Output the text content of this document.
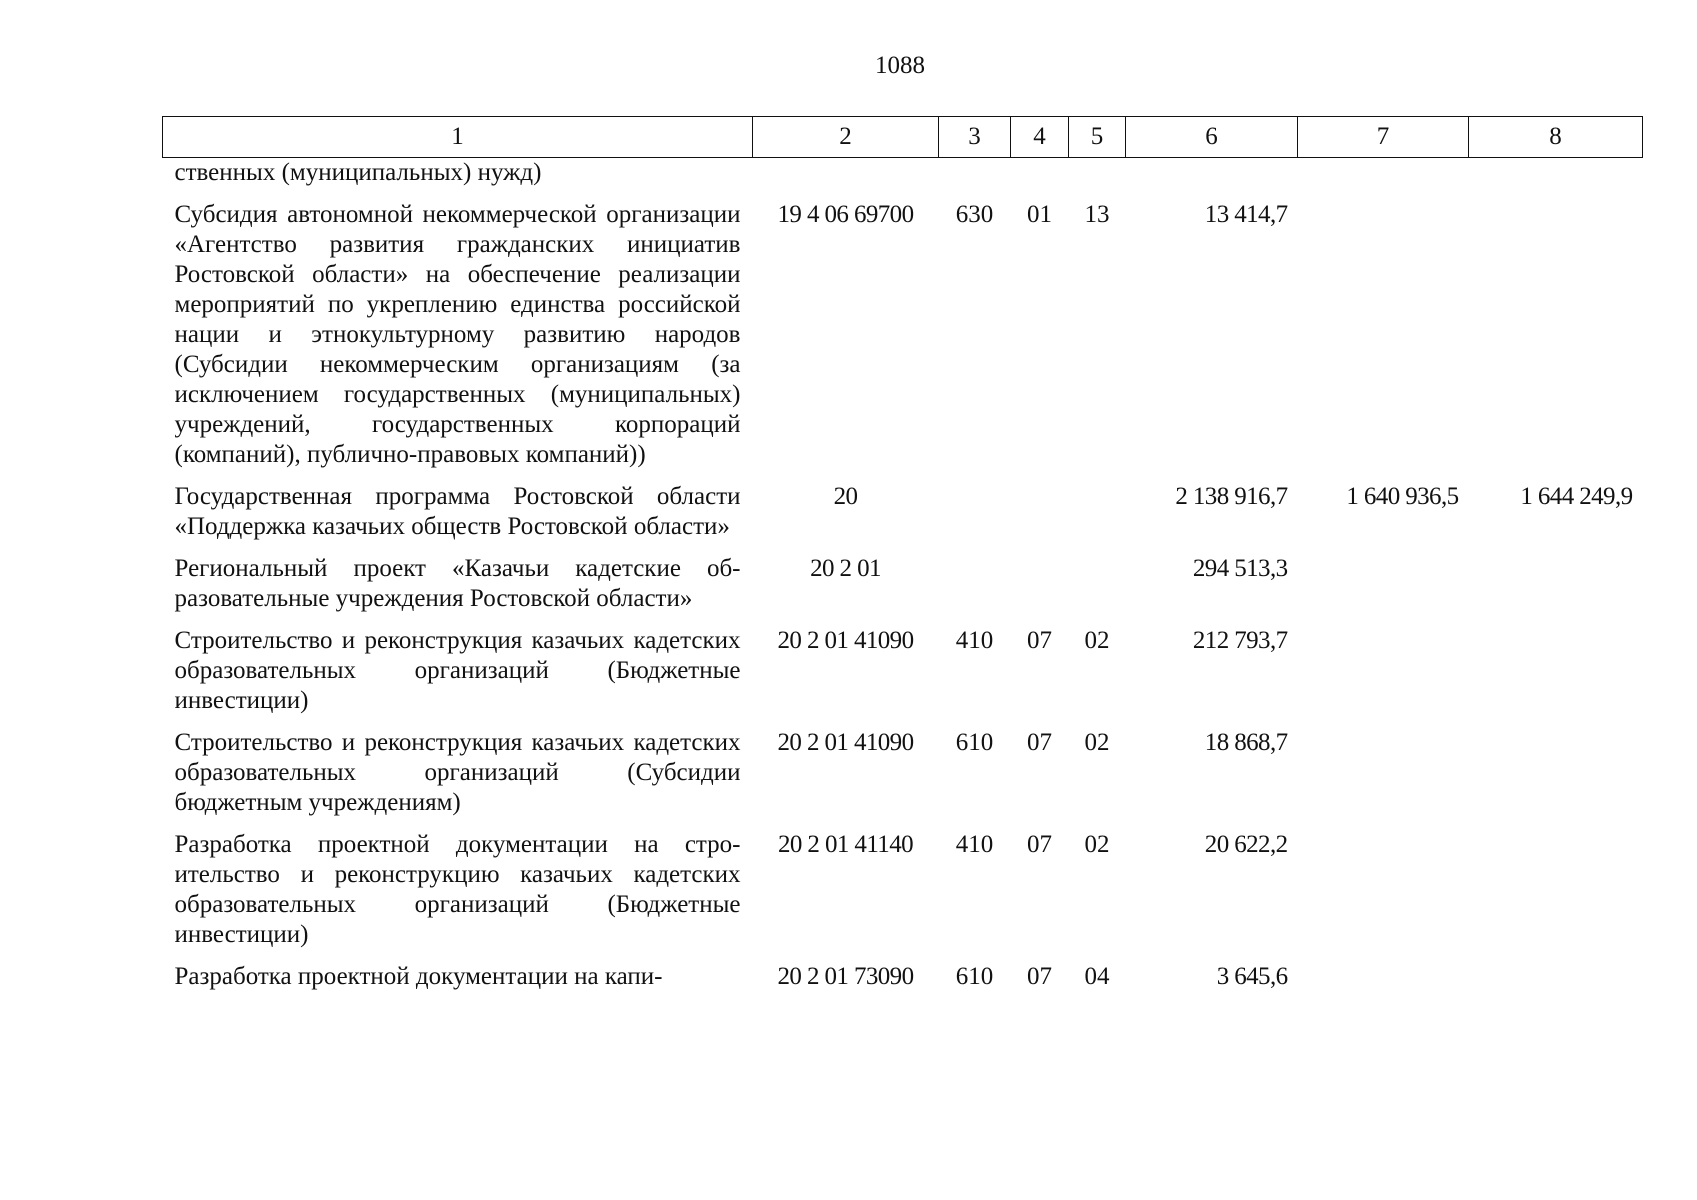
1088
1	2	3	4	5	6	7	8
ственных (муниципальных) нужд)							
Субсидия автономной некоммерческой организации «Агентство развития гражданских инициатив Ростовской области» на обеспечение реализации мероприятий по укреплению единства российской нации и этнокультурному развитию народов (Субсидии некоммерческим организациям (за исключением государственных (муниципальных) учреждений, государственных корпораций (компаний), публично-правовых компаний))	19 4 06 69700	630	01	13	13 414,7		
Государственная программа Ростовской области «Поддержка казачьих обществ Ростовской области»	20				2 138 916,7	1 640 936,5	1 644 249,9
Региональный проект «Казачьи кадетские образовательные учреждения Ростовской области»	20 2 01				294 513,3		
Строительство и реконструкция казачьих кадетских образовательных организаций (Бюджетные инвестиции)	20 2 01 41090	410	07	02	212 793,7		
Строительство и реконструкция казачьих кадетских образовательных организаций (Субсидии бюджетным учреждениям)	20 2 01 41090	610	07	02	18 868,7		
Разработка проектной документации на строительство и реконструкцию казачьих кадетских образовательных организаций (Бюджетные инвестиции)	20 2 01 41140	410	07	02	20 622,2		
Разработка проектной документации на капи-	20 2 01 73090	610	07	04	3 645,6		
